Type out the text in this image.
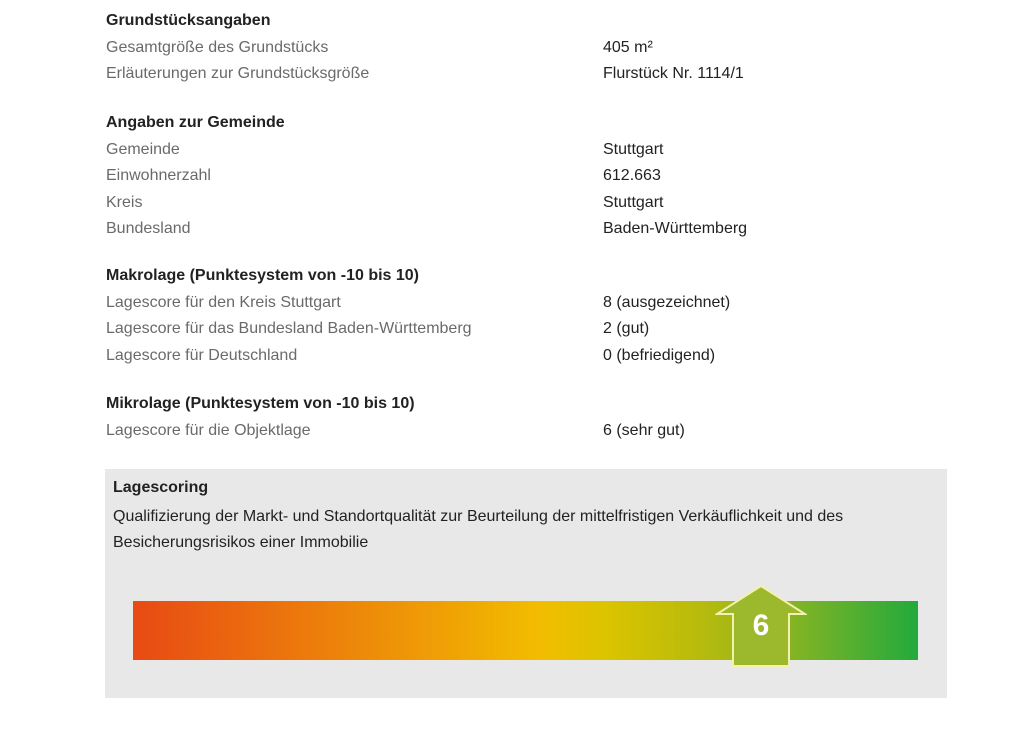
Grundstücksangaben
Gesamtgröße des Grundstücks	405 m²
Erläuterungen zur Grundstücksgröße	Flurstück Nr. 1114/1
Angaben zur Gemeinde
Gemeinde	Stuttgart
Einwohnerzahl	612.663
Kreis	Stuttgart
Bundesland	Baden-Württemberg
Makrolage (Punktesystem von -10 bis 10)
Lagescore für den Kreis Stuttgart	8 (ausgezeichnet)
Lagescore für das Bundesland Baden-Württemberg	2 (gut)
Lagescore für Deutschland	0 (befriedigend)
Mikrolage (Punktesystem von -10 bis 10)
Lagescore für die Objektlage	6 (sehr gut)
Lagescoring
Qualifizierung der Markt- und Standortqualität zur Beurteilung der mittelfristigen Verkäuflichkeit und des Besicherungsrisikos einer Immobilie
6
